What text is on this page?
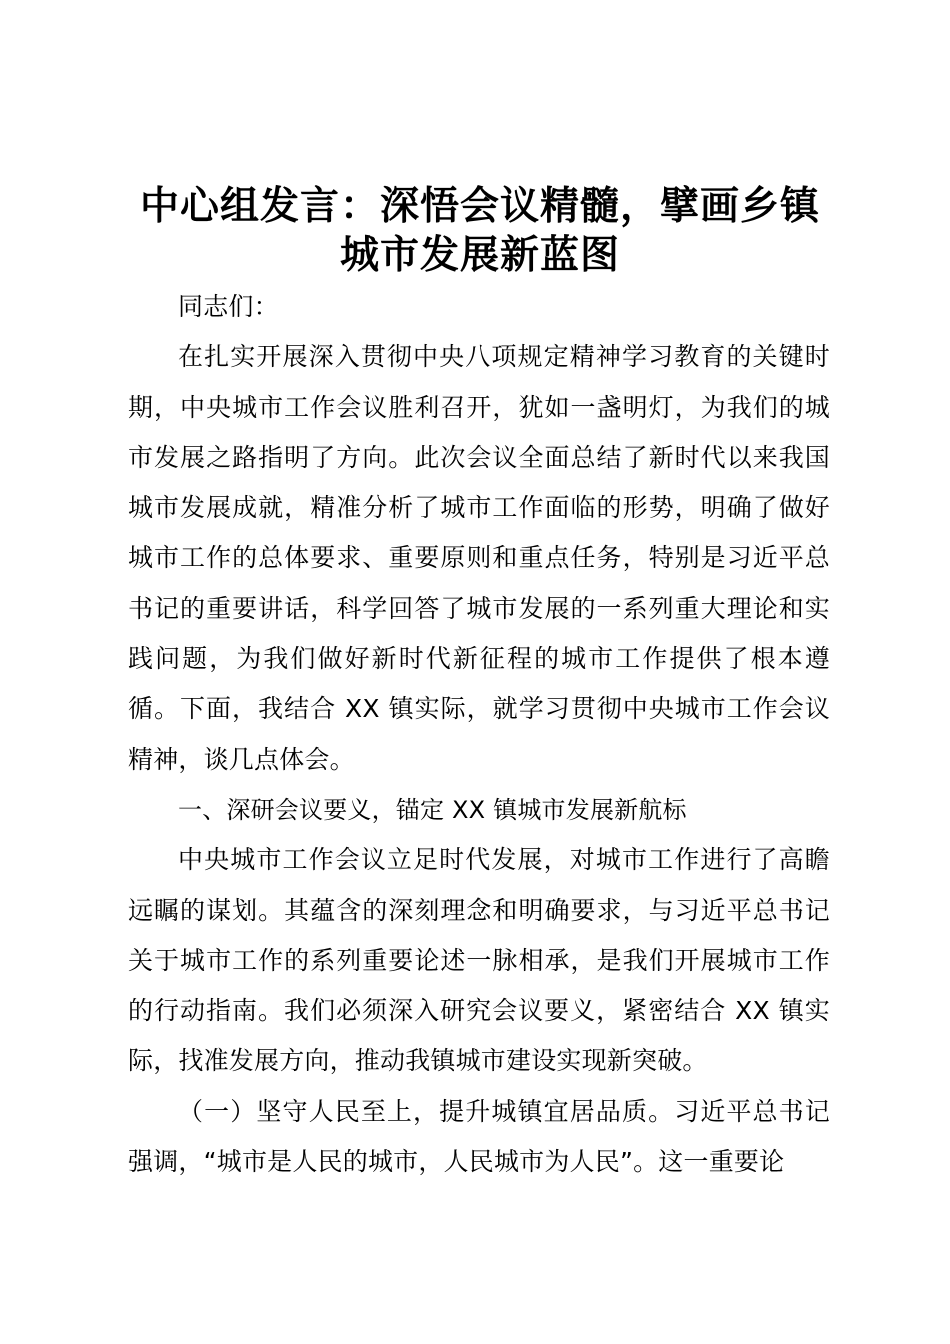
中心组发言：深悟会议精髓，擘画乡镇
城市发展新蓝图

同志们：

在扎实开展深入贯彻中央八项规定精神学习教育的关键时期，中央城市工作会议胜利召开，犹如一盏明灯，为我们的城市发展之路指明了方向。此次会议全面总结了新时代以来我国城市发展成就，精准分析了城市工作面临的形势，明确了做好城市工作的总体要求、重要原则和重点任务，特别是习近平总书记的重要讲话，科学回答了城市发展的一系列重大理论和实践问题，为我们做好新时代新征程的城市工作提供了根本遵循。下面，我结合 XX 镇实际，就学习贯彻中央城市工作会议精神，谈几点体会。

一、深研会议要义，锚定 XX 镇城市发展新航标

中央城市工作会议立足时代发展，对城市工作进行了高瞻远瞩的谋划。其蕴含的深刻理念和明确要求，与习近平总书记关于城市工作的系列重要论述一脉相承，是我们开展城市工作的行动指南。我们必须深入研究会议要义，紧密结合 XX 镇实际，找准发展方向，推动我镇城市建设实现新突破。

（一）坚守人民至上，提升城镇宜居品质。习近平总书记强调，“城市是人民的城市，人民城市为人民”。这一重要论
